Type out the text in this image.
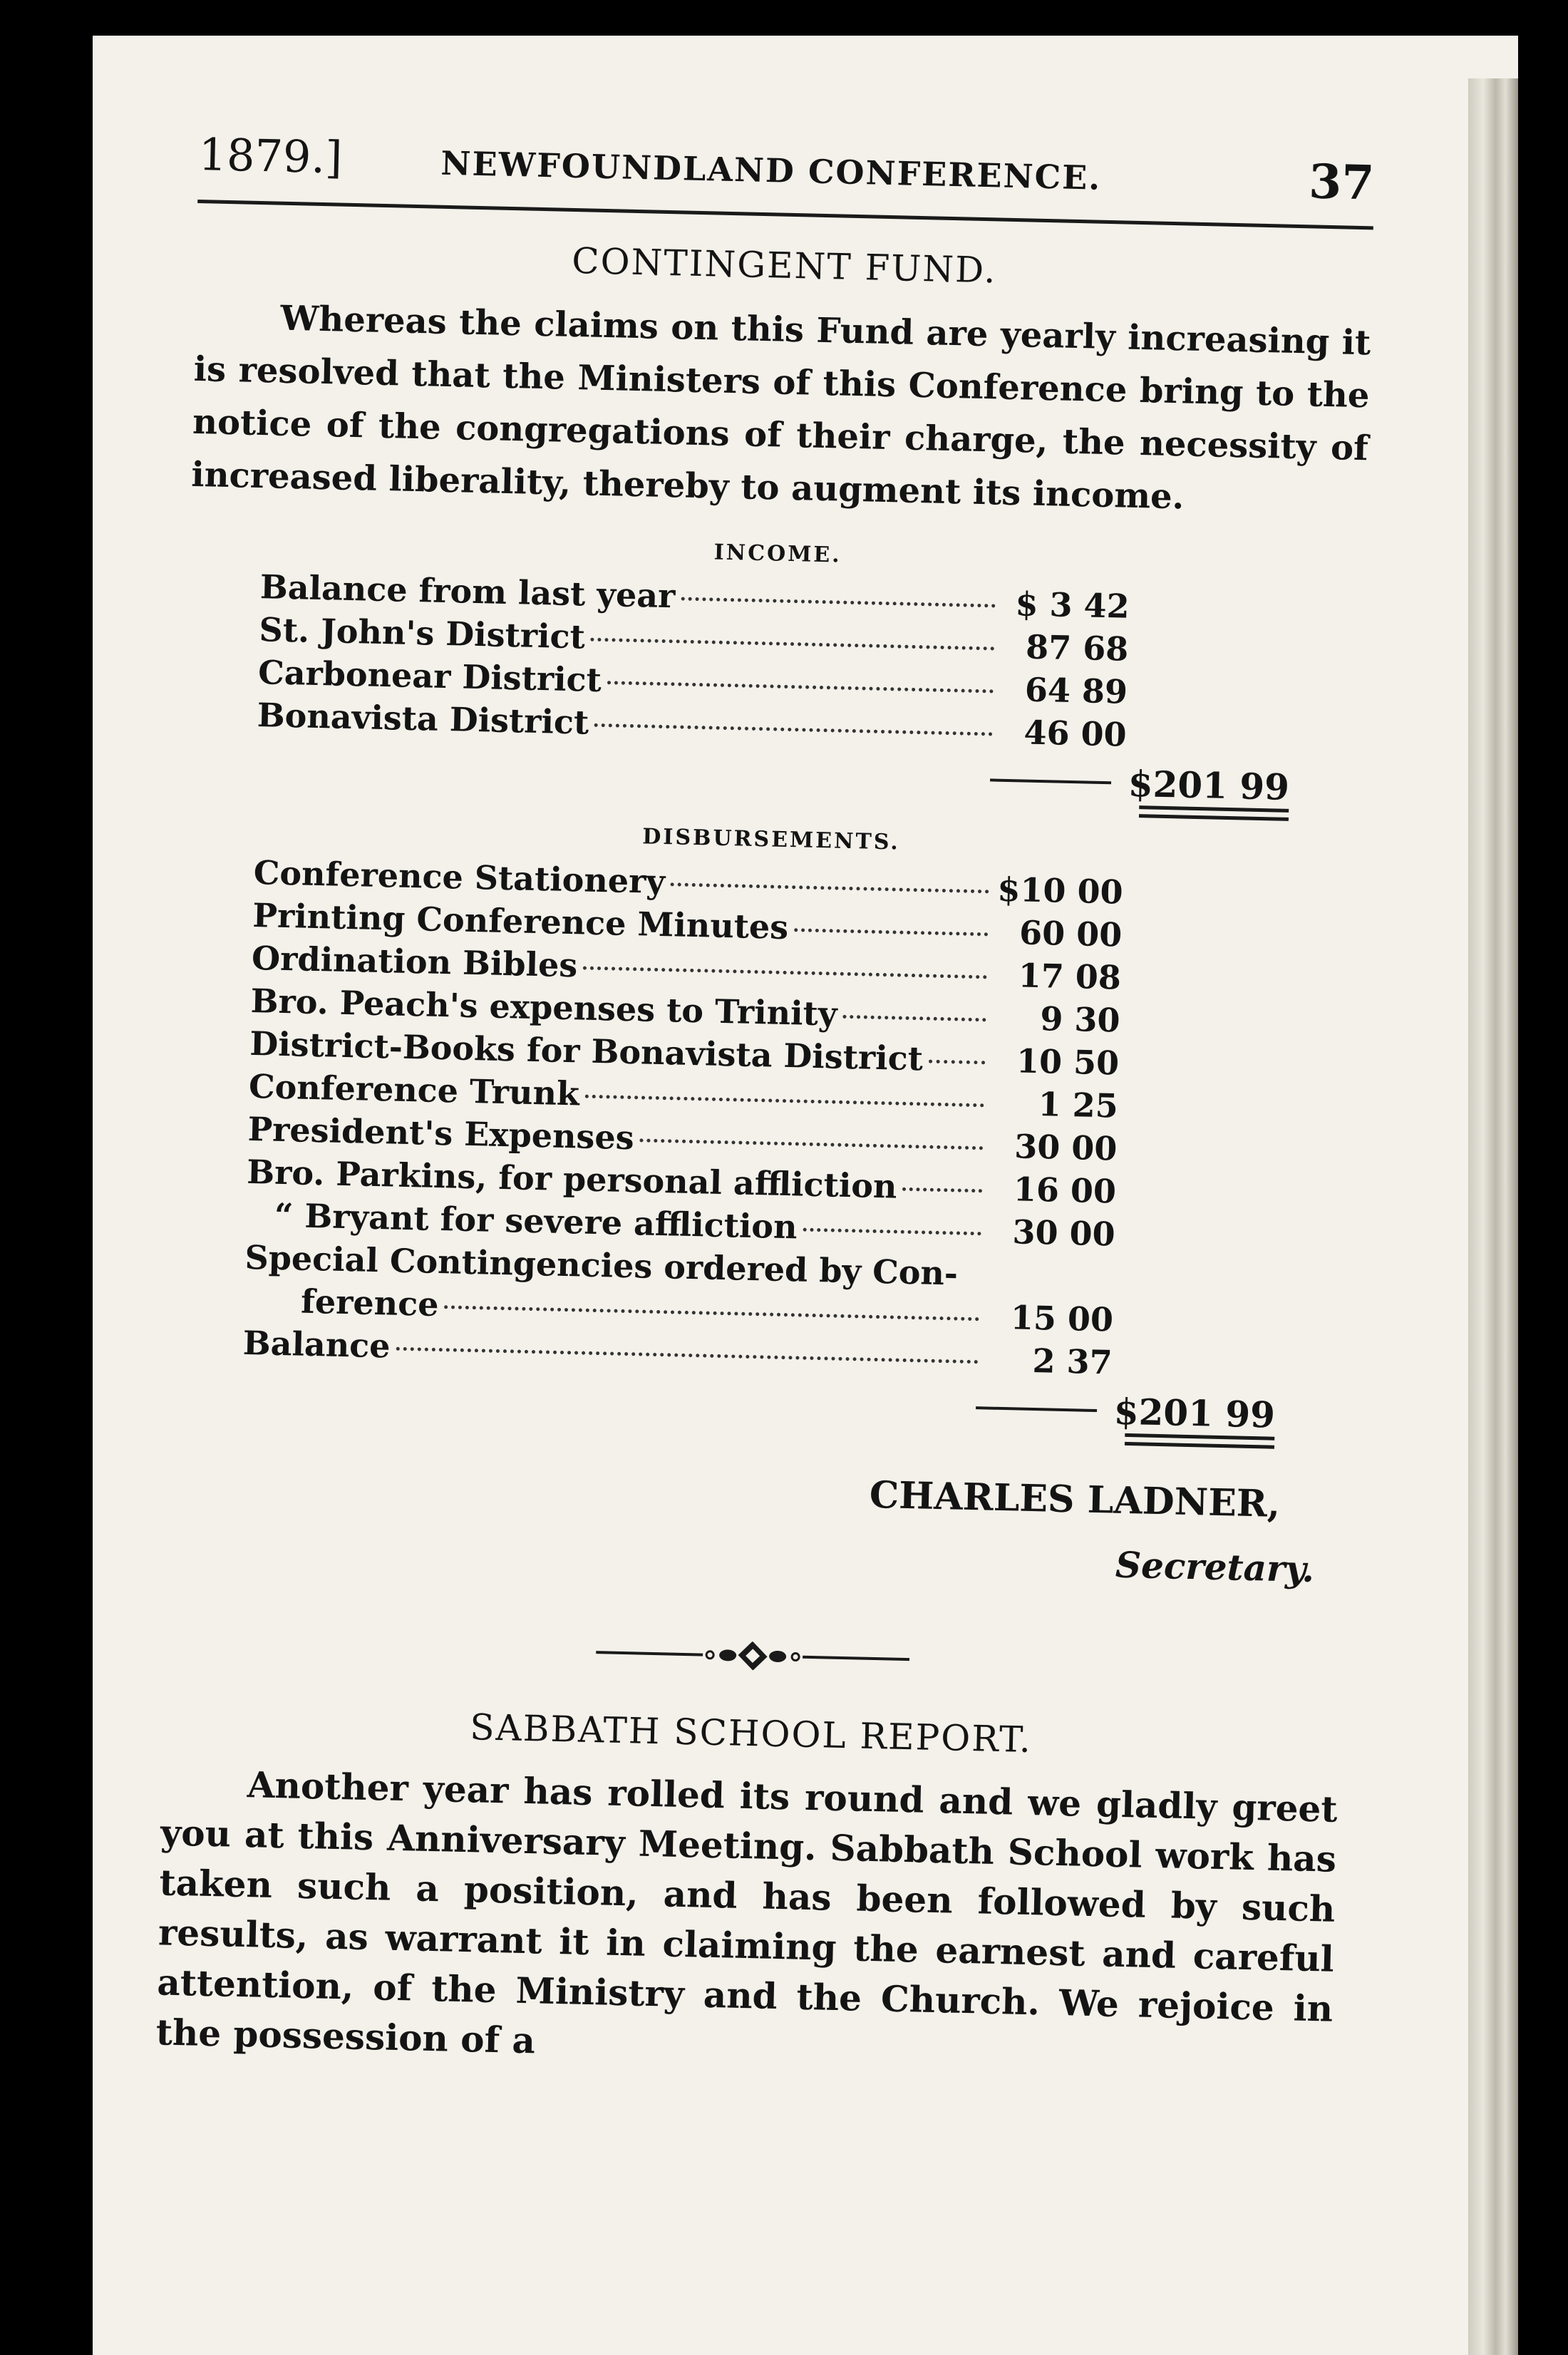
1879.]	NEWFOUNDLAND CONFERENCE.	37
CONTINGENT FUND.

Whereas the claims on this Fund are yearly increasing it is resolved that the Ministers of this Conference bring to the notice of the congregations of their charge, the necessity of increased liberality, thereby to augment its income.

INCOME.
Balance from last year	$ 3 42
St. John's District	87 68
Carbonear District	64 89
Bonavista District	46 00
$201 99
DISBURSEMENTS.
Conference Stationery	$10 00
Printing Conference Minutes	60 00
Ordination Bibles	17 08
Bro. Peach's expenses to Trinity	9 30
District-Books for Bonavista District	10 50
Conference Trunk	1 25
President's Expenses	30 00
Bro. Parkins, for personal affliction	16 00
“ Bryant for severe affliction	30 00
Special Contingencies ordered by Con-
ference	15 00
Balance	2 37
$201 99
CHARLES LADNER,
Secretary.
SABBATH SCHOOL REPORT.

Another year has rolled its round and we gladly greet you at this Anniversary Meeting. Sabbath School work has taken such a position, and has been followed by such results, as warrant it in claiming the earnest and careful attention, of the Ministry and the Church. We rejoice in the possession of a
